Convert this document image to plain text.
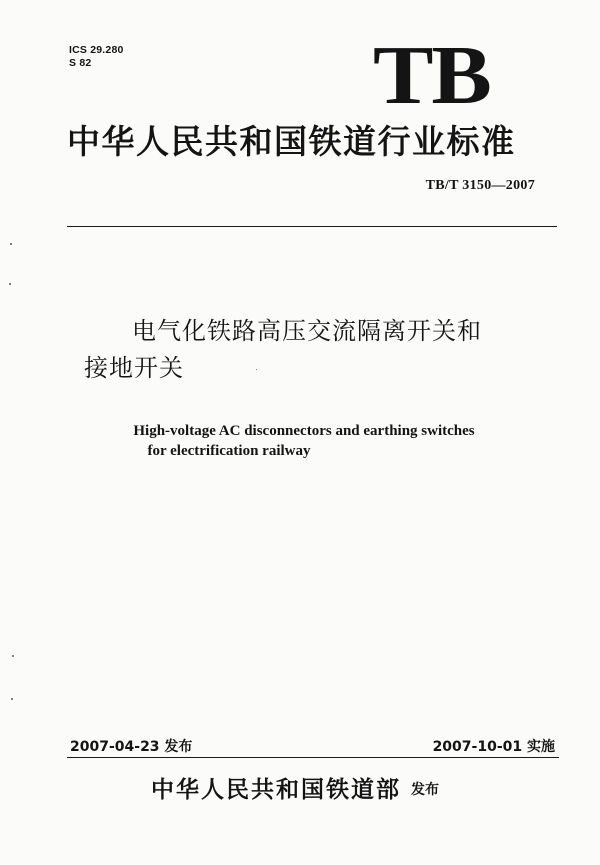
ICS 29.280
S 82	TB
中华人民共和国铁道行业标准
TB/T 3150—2007
电气化铁路高压交流隔离开关和
接地开关
High-voltage AC disconnectors and earthing switches
for electrification railway
2007-04-23 发布	2007-10-01 实施
中华人民共和国铁道部 发布
